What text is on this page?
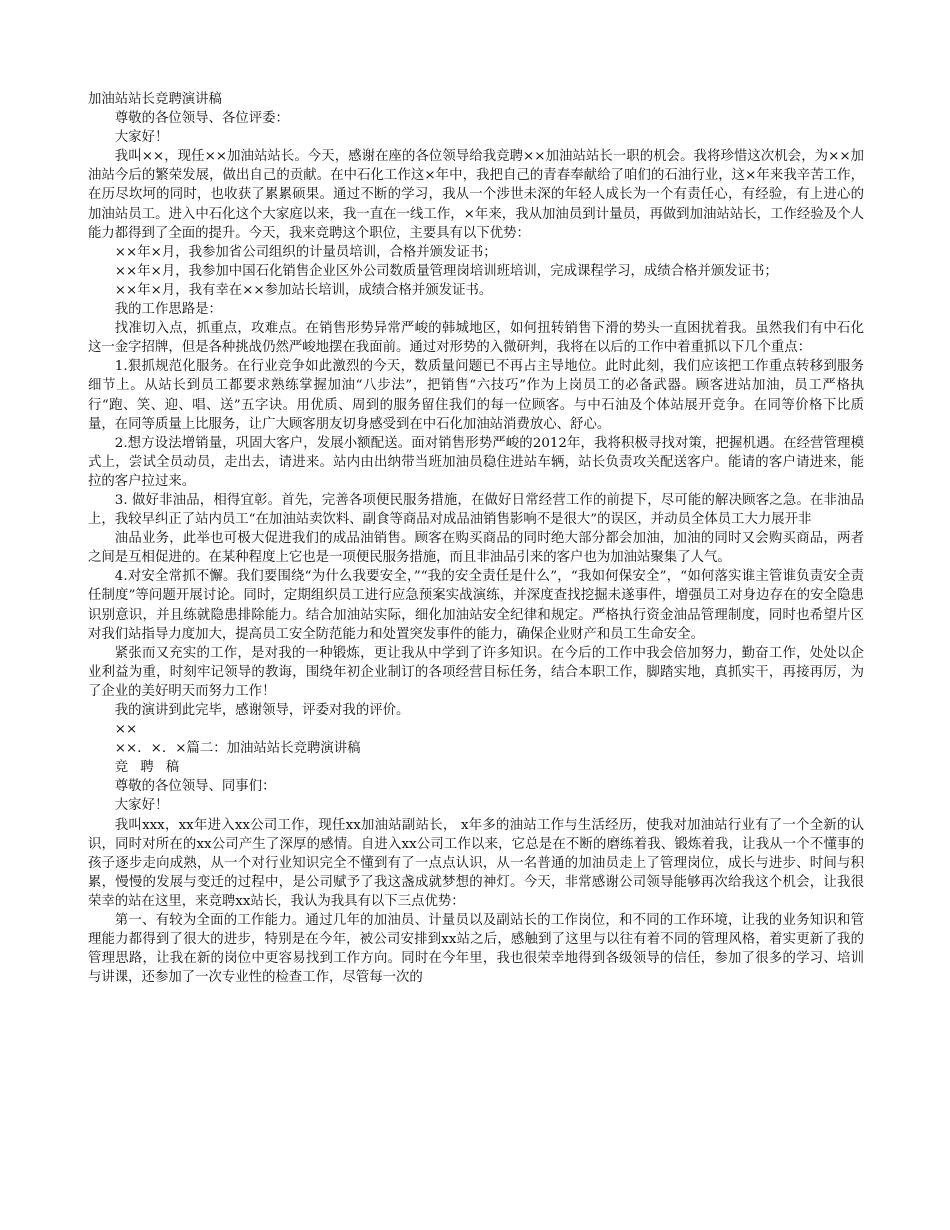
加油站站长竞聘演讲稿

尊敬的各位领导、各位评委：

大家好！

我叫××，现任××加油站站长。今天，感谢在座的各位领导给我竞聘××加油站站长一职的机会。我将珍惜这次机会，为××加油站今后的繁荣发展，做出自己的贡献。在中石化工作这×年中，我把自己的青春奉献给了咱们的石油行业，这×年来我辛苦工作，在历尽坎坷的同时，也收获了累累硕果。通过不断的学习，我从一个涉世未深的年轻人成长为一个有责任心，有经验，有上进心的加油站员工。进入中石化这个大家庭以来，我一直在一线工作，×年来，我从加油员到计量员，再做到加油站站长，工作经验及个人能力都得到了全面的提升。今天，我来竞聘这个职位，主要具有以下优势：

××年×月，我参加省公司组织的计量员培训，合格并颁发证书；

××年×月，我参加中国石化销售企业区外公司数质量管理岗培训班培训，完成课程学习，成绩合格并颁发证书；

××年×月，我有幸在××参加站长培训，成绩合格并颁发证书。

我的工作思路是：

找准切入点，抓重点，攻难点。在销售形势异常严峻的韩城地区，如何扭转销售下滑的势头一直困扰着我。虽然我们有中石化这一金字招牌，但是各种挑战仍然严峻地摆在我面前。通过对形势的入微研判，我将在以后的工作中着重抓以下几个重点：

1.狠抓规范化服务。在行业竞争如此激烈的今天，数质量问题已不再占主导地位。此时此刻，我们应该把工作重点转移到服务细节上。从站长到员工都要求熟练掌握加油“八步法”，把销售“六技巧”作为上岗员工的必备武器。顾客进站加油，员工严格执行“跑、笑、迎、唱、送”五字诀。用优质、周到的服务留住我们的每一位顾客。与中石油及个体站展开竞争。在同等价格下比质量，在同等质量上比服务，让广大顾客朋友切身感受到在中石化加油站消费放心、舒心。

2.想方设法增销量，巩固大客户，发展小额配送。面对销售形势严峻的2012年，我将积极寻找对策，把握机遇。在经营管理模式上，尝试全员动员，走出去，请进来。站内由出纳带当班加油员稳住进站车辆，站长负责攻关配送客户。能请的客户请进来，能拉的客户拉过来。

3. 做好非油品，相得宜彰。首先，完善各项便民服务措施，在做好日常经营工作的前提下，尽可能的解决顾客之急。在非油品上，我较早纠正了站内员工“在加油站卖饮料、副食等商品对成品油销售影响不是很大”的误区，并动员全体员工大力展开非

油品业务，此举也可极大促进我们的成品油销售。顾客在购买商品的同时绝大部分都会加油，加油的同时又会购买商品，两者之间是互相促进的。在某种程度上它也是一项便民服务措施，而且非油品引来的客户也为加油站聚集了人气。

4.对安全常抓不懈。我们要围绕“为什么我要安全，”“我的安全责任是什么”，“我如何保安全”，“如何落实谁主管谁负责安全责任制度”等问题开展讨论。同时，定期组织员工进行应急预案实战演练，并深度查找挖掘未遂事件，增强员工对身边存在的安全隐患识别意识，并且练就隐患排除能力。结合加油站实际，细化加油站安全纪律和规定。严格执行资金油品管理制度，同时也希望片区对我们站指导力度加大，提高员工安全防范能力和处置突发事件的能力，确保企业财产和员工生命安全。

紧张而又充实的工作，是对我的一种锻炼，更让我从中学到了许多知识。在今后的工作中我会倍加努力，勤奋工作，处处以企业利益为重，时刻牢记领导的教诲，围绕年初企业制订的各项经营目标任务，结合本职工作，脚踏实地，真抓实干，再接再厉，为了企业的美好明天而努力工作！

我的演讲到此完毕，感谢领导，评委对我的评价。

××

××．×．×篇二：加油站站长竞聘演讲稿

竞聘稿

尊敬的各位领导、同事们：

大家好！

我叫xxx，xx年进入xx公司工作，现任xx加油站副站长， x年多的油站工作与生活经历，使我对加油站行业有了一个全新的认识，同时对所在的xx公司产生了深厚的感情。自进入xx公司工作以来，它总是在不断的磨练着我、锻炼着我，让我从一个不懂事的孩子逐步走向成熟，从一个对行业知识完全不懂到有了一点点认识，从一名普通的加油员走上了管理岗位，成长与进步、时间与积累，慢慢的发展与变迁的过程中，是公司赋予了我这盏成就梦想的神灯。今天，非常感谢公司领导能够再次给我这个机会，让我很荣幸的站在这里，来竞聘xx站长，我认为我具有以下三点优势：

第一、有较为全面的工作能力。通过几年的加油员、计量员以及副站长的工作岗位，和不同的工作环境，让我的业务知识和管理能力都得到了很大的进步，特别是在今年，被公司安排到xx站之后，感触到了这里与以往有着不同的管理风格，着实更新了我的管理思路，让我在新的岗位中更容易找到工作方向。同时在今年里，我也很荣幸地得到各级领导的信任，参加了很多的学习、培训与讲课，还参加了一次专业性的检查工作，尽管每一次的
